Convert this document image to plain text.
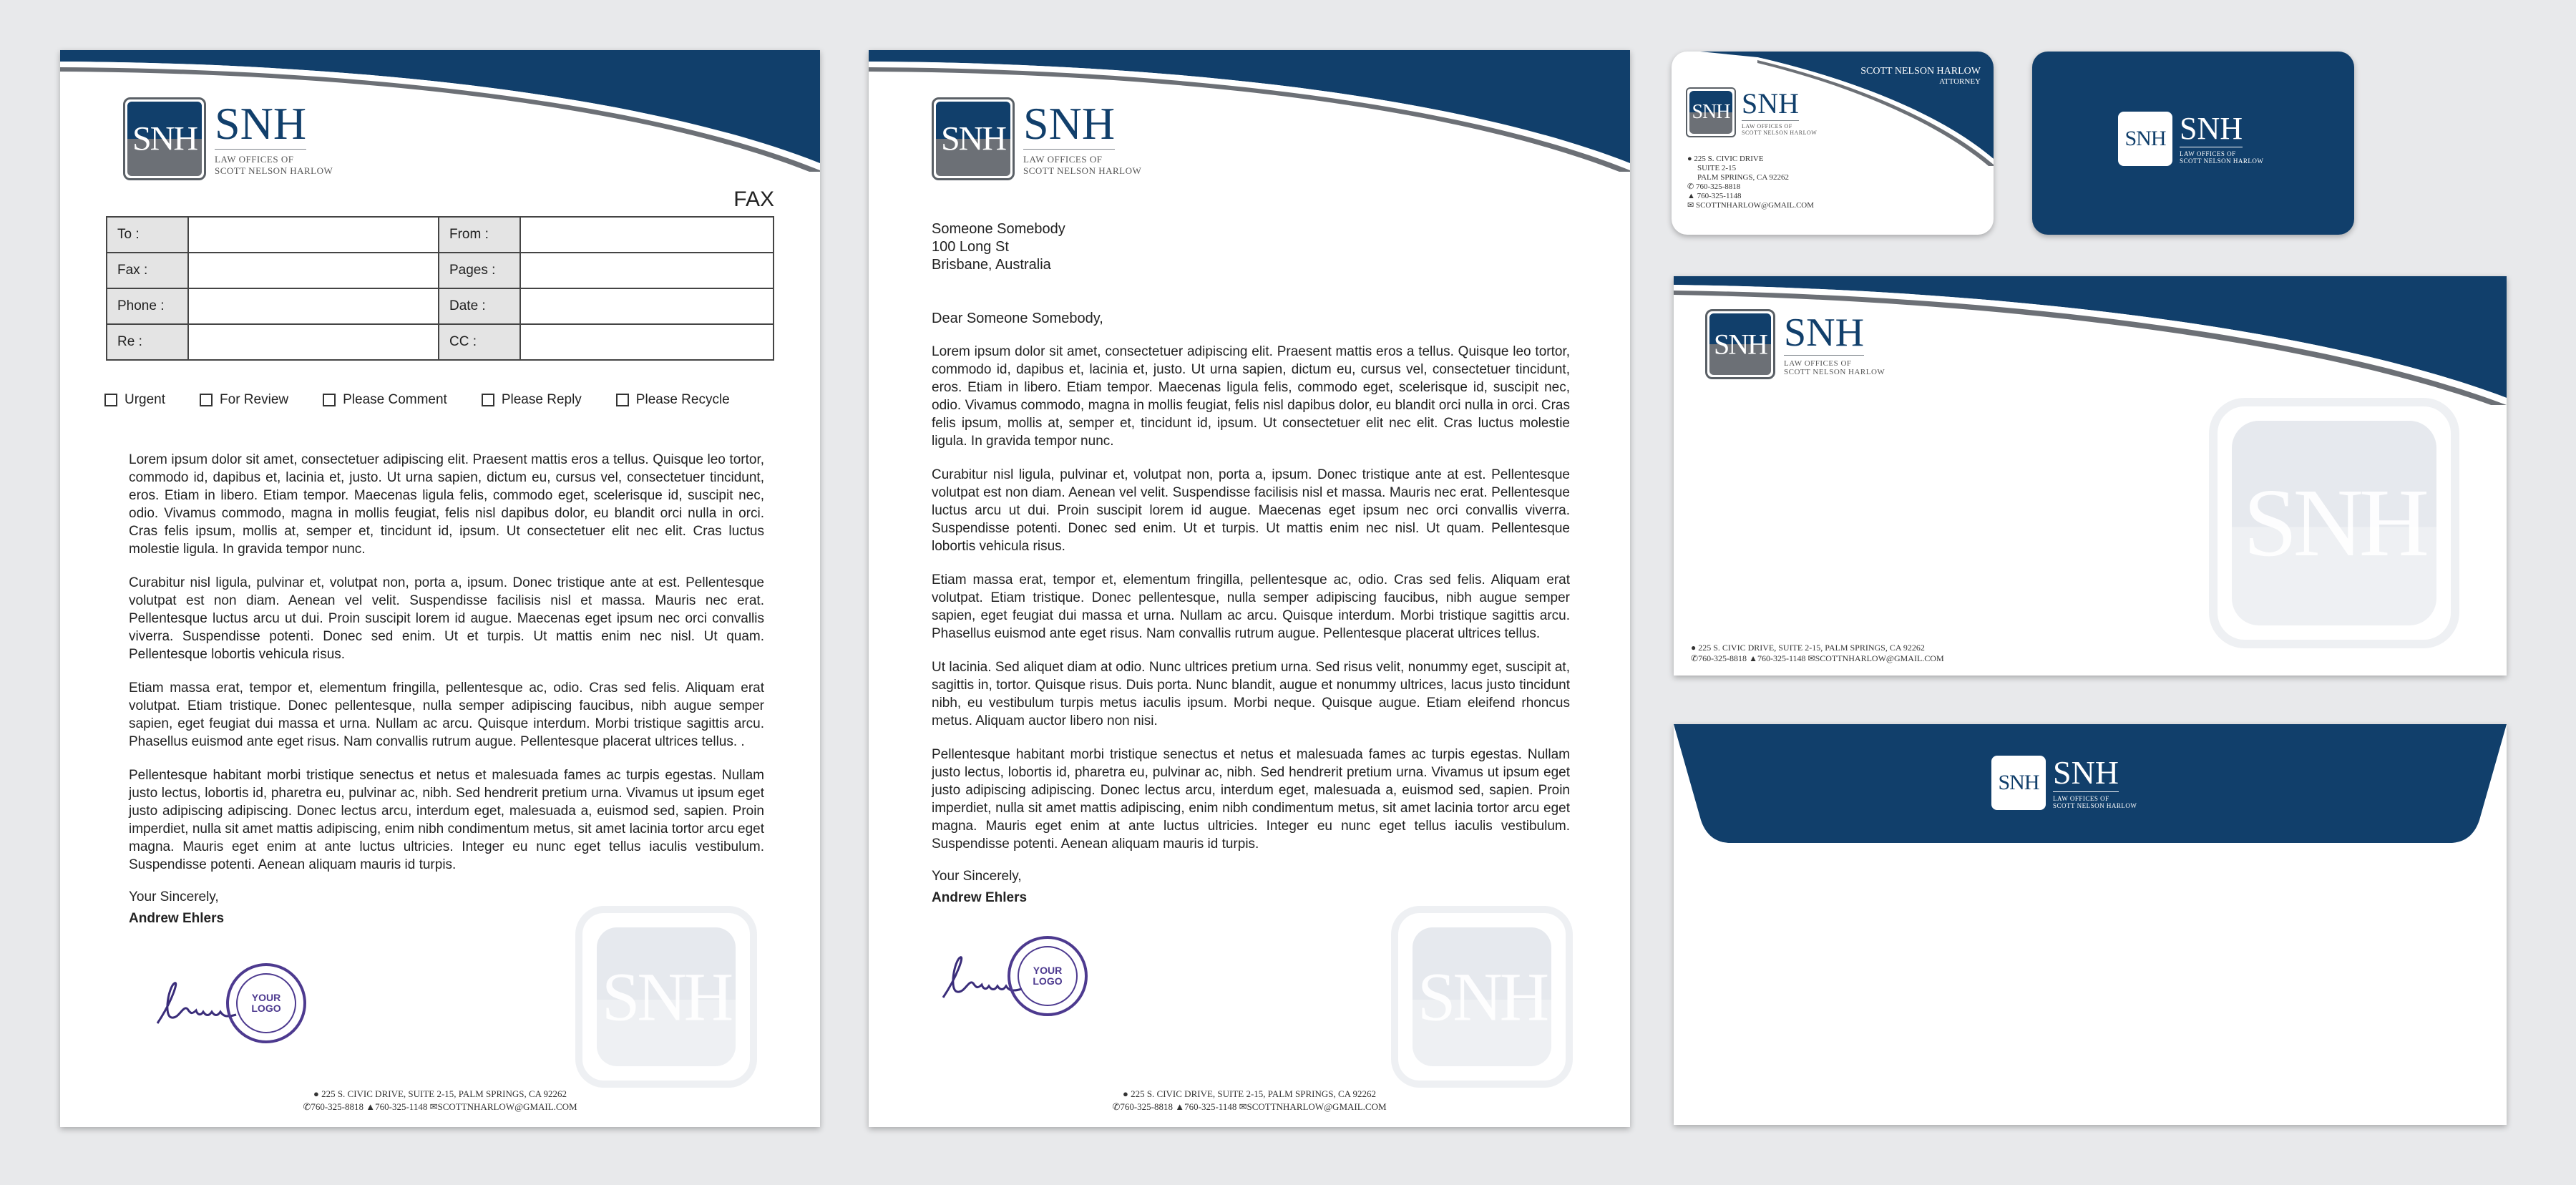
SNH SNH
LAW OFFICES OF
SCOTT NELSON HARLOW
FAX
To :		From :	
Fax :		Pages :	
Phone :		Date :	
Re :		CC :	
Urgent	For Review	Please Comment	Please Reply	Please Recycle
SNH

Lorem ipsum dolor sit amet, consectetuer adipiscing elit. Praesent mattis eros a tellus. Quisque leo tortor, commodo id, dapibus et, lacinia et, justo. Ut urna sapien, dictum eu, cursus vel, consectetuer tincidunt, eros. Etiam in libero. Etiam tempor. Maecenas ligula felis, commodo eget, scelerisque id, suscipit nec, odio. Vivamus commodo, magna in mollis feugiat, felis nisl dapibus dolor, eu blandit orci nulla in orci. Cras felis ipsum, mollis at, semper et, tincidunt id, ipsum. Ut consectetuer elit nec elit. Cras luctus molestie ligula. In gravida tempor nunc.

Curabitur nisl ligula, pulvinar et, volutpat non, porta a, ipsum. Donec tristique ante at est. Pellentesque volutpat est non diam. Aenean vel velit. Suspendisse facilisis nisl et massa. Mauris nec erat. Pellentesque luctus arcu ut dui. Proin suscipit lorem id augue. Maecenas eget ipsum nec orci convallis viverra. Suspendisse potenti. Donec sed enim. Ut et turpis. Ut mattis enim nec nisl. Ut quam. Pellentesque lobortis vehicula risus.

Etiam massa erat, tempor et, elementum fringilla, pellentesque ac, odio. Cras sed felis. Aliquam erat volutpat. Etiam tristique. Donec pellentesque, nulla semper adipiscing faucibus, nibh augue semper sapien, eget feugiat dui massa et urna. Nullam ac arcu. Quisque interdum. Morbi tristique sagittis arcu. Phasellus euismod ante eget risus. Nam convallis rutrum augue. Pellentesque placerat ultrices tellus. .

Pellentesque habitant morbi tristique senectus et netus et malesuada fames ac turpis egestas. Nullam justo lectus, lobortis id, pharetra eu, pulvinar ac, nibh. Sed hendrerit pretium urna. Vivamus ut ipsum eget justo adipiscing adipiscing. Donec lectus arcu, interdum eget, malesuada a, euismod sed, sapien. Proin imperdiet, nulla sit amet mattis adipiscing, enim nibh condimentum metus, sit amet lacinia tortor arcu eget magna. Mauris eget enim at ante luctus ultricies. Integer eu nunc eget tellus iaculis vestibulum. Suspendisse potenti. Aenean aliquam mauris id turpis.

Your Sincerely,
Andrew Ehlers
YOUR
LOGO
● 225 S. CIVIC DRIVE, SUITE 2-15, PALM SPRINGS, CA 92262
✆760-325-8818 ▲760-325-1148 ✉SCOTTNHARLOW@GMAIL.COM
SNH SNH
LAW OFFICES OF
SCOTT NELSON HARLOW
Someone Somebody
100 Long St
Brisbane, Australia
SNH
Dear Someone Somebody,

Lorem ipsum dolor sit amet, consectetuer adipiscing elit. Praesent mattis eros a tellus. Quisque leo tortor, commodo id, dapibus et, lacinia et, justo. Ut urna sapien, dictum eu, cursus vel, consectetuer tincidunt, eros. Etiam in libero. Etiam tempor. Maecenas ligula felis, commodo eget, scelerisque id, suscipit nec, odio. Vivamus commodo, magna in mollis feugiat, felis nisl dapibus dolor, eu blandit orci nulla in orci. Cras felis ipsum, mollis at, semper et, tincidunt id, ipsum. Ut consectetuer elit nec elit. Cras luctus molestie ligula. In gravida tempor nunc.

Curabitur nisl ligula, pulvinar et, volutpat non, porta a, ipsum. Donec tristique ante at est. Pellentesque volutpat est non diam. Aenean vel velit. Suspendisse facilisis nisl et massa. Mauris nec erat. Pellentesque luctus arcu ut dui. Proin suscipit lorem id augue. Maecenas eget ipsum nec orci convallis viverra. Suspendisse potenti. Donec sed enim. Ut et turpis. Ut mattis enim nec nisl. Ut quam. Pellentesque lobortis vehicula risus.

Etiam massa erat, tempor et, elementum fringilla, pellentesque ac, odio. Cras sed felis. Aliquam erat volutpat. Etiam tristique. Donec pellentesque, nulla semper adipiscing faucibus, nibh augue semper sapien, eget feugiat dui massa et urna. Nullam ac arcu. Quisque interdum. Morbi tristique sagittis arcu. Phasellus euismod ante eget risus. Nam convallis rutrum augue. Pellentesque placerat ultrices tellus.

Ut lacinia. Sed aliquet diam at odio. Nunc ultrices pretium urna. Sed risus velit, nonummy eget, suscipit at, sagittis in, tortor. Quisque risus. Duis porta. Nunc blandit, augue et nonummy ultrices, lacus justo tincidunt nibh, eu vestibulum turpis metus iaculis ipsum. Morbi neque. Quisque augue. Etiam eleifend rhoncus metus. Aliquam auctor libero non nisi.

Pellentesque habitant morbi tristique senectus et netus et malesuada fames ac turpis egestas. Nullam justo lectus, lobortis id, pharetra eu, pulvinar ac, nibh. Sed hendrerit pretium urna. Vivamus ut ipsum eget justo adipiscing adipiscing. Donec lectus arcu, interdum eget, malesuada a, euismod sed, sapien. Proin imperdiet, nulla sit amet mattis adipiscing, enim nibh condimentum metus, sit amet lacinia tortor arcu eget magna. Mauris eget enim at ante luctus ultricies. Integer eu nunc eget tellus iaculis vestibulum. Suspendisse potenti. Aenean aliquam mauris id turpis.

Your Sincerely,
Andrew Ehlers
YOUR
LOGO
● 225 S. CIVIC DRIVE, SUITE 2-15, PALM SPRINGS, CA 92262
✆760-325-8818 ▲760-325-1148 ✉SCOTTNHARLOW@GMAIL.COM
SCOTT NELSON HARLOW
ATTORNEY
SNH SNH
LAW OFFICES OF
SCOTT NELSON HARLOW
● 225 S. CIVIC DRIVE
SUITE 2-15
PALM SPRINGS, CA 92262
✆ 760-325-8818
▲ 760-325-1148
✉ SCOTTNHARLOW@GMAIL.COM
SNH SNH
LAW OFFICES OF
SCOTT NELSON HARLOW
SNH SNH
LAW OFFICES OF
SCOTT NELSON HARLOW
SNH
● 225 S. CIVIC DRIVE, SUITE 2-15, PALM SPRINGS, CA 92262
✆760-325-8818 ▲760-325-1148 ✉SCOTTNHARLOW@GMAIL.COM
SNH SNH
LAW OFFICES OF
SCOTT NELSON HARLOW
